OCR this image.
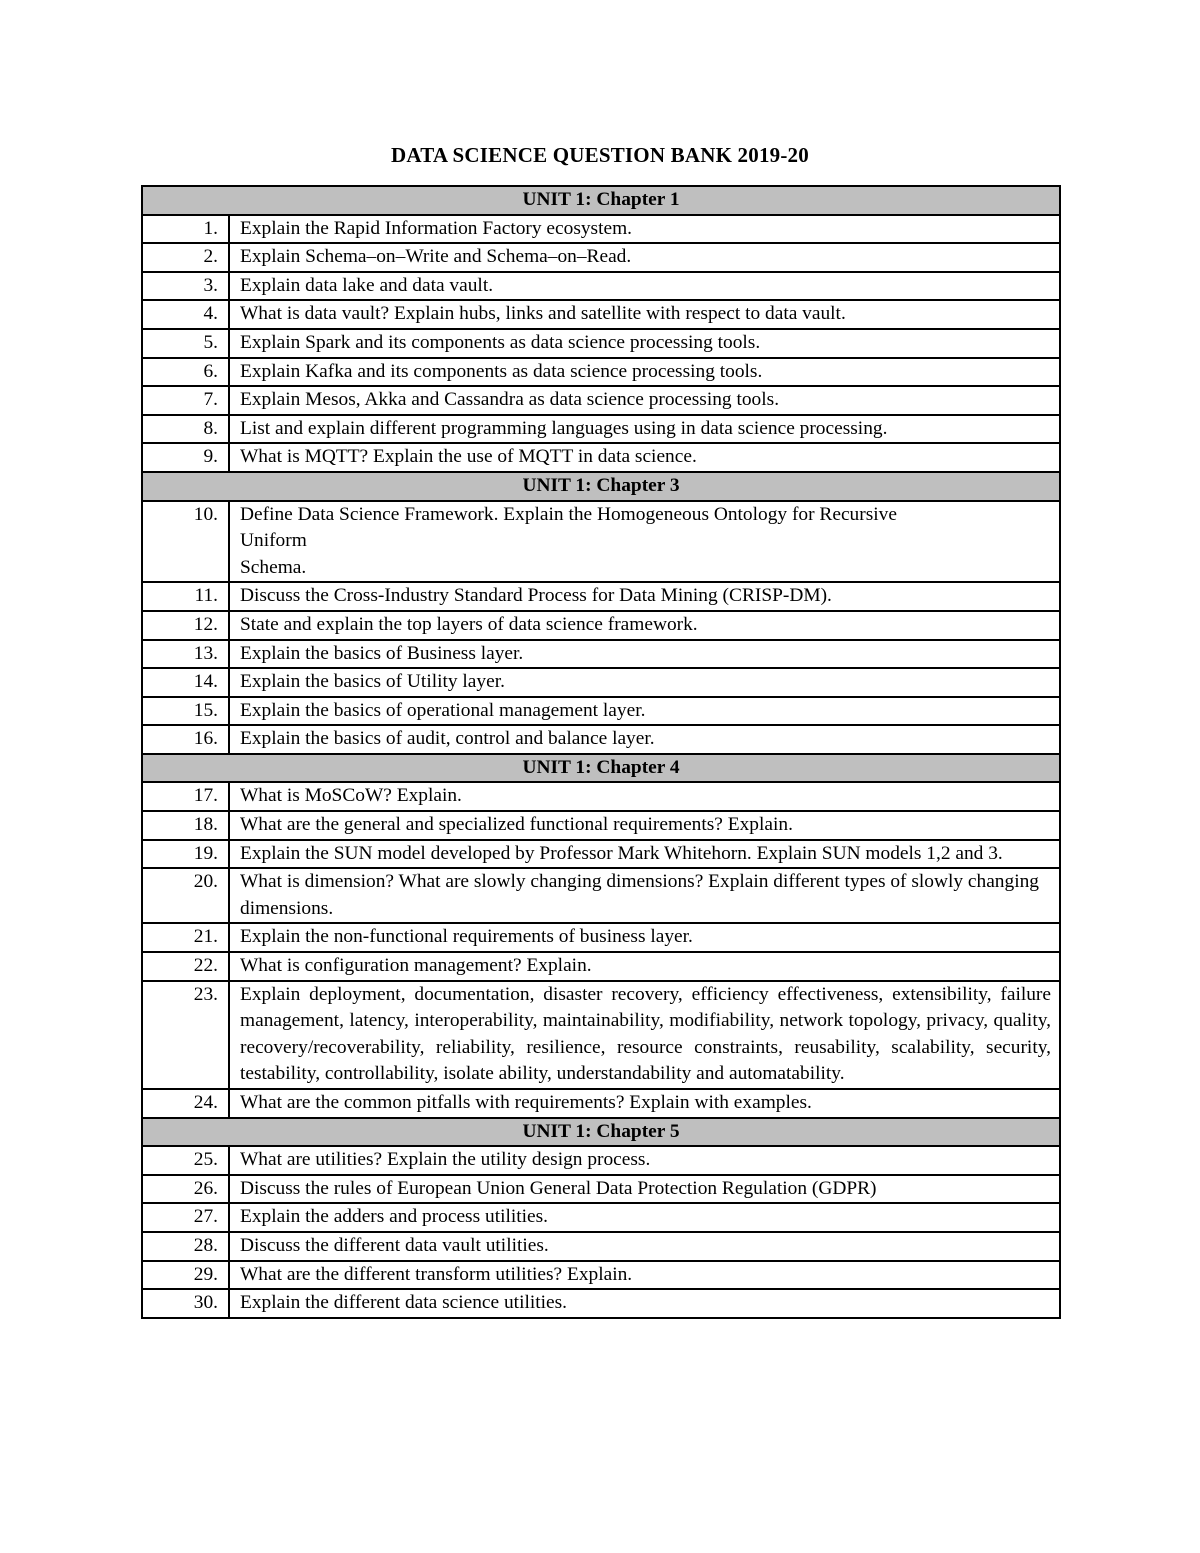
DATA SCIENCE QUESTION BANK 2019-20
UNIT 1: Chapter 1	
1.	Explain the Rapid Information Factory ecosystem.
2.	Explain Schema–on–Write and Schema–on–Read.
3.	Explain data lake and data vault.
4.	What is data vault? Explain hubs, links and satellite with respect to data vault.
5.	Explain Spark and its components as data science processing tools.
6.	Explain Kafka and its components as data science processing tools.
7.	Explain Mesos, Akka and Cassandra as data science processing tools.
8.	List and explain different programming languages using in data science processing.
9.	What is MQTT? Explain the use of MQTT in data science.
UNIT 1: Chapter 3	
10.	Define Data Science Framework. Explain the Homogeneous Ontology for Recursive
Uniform
Schema.

11.	Discuss the Cross-Industry Standard Process for Data Mining (CRISP-DM).
12.	State and explain the top layers of data science framework.
13.	Explain the basics of Business layer.
14.	Explain the basics of Utility layer.
15.	Explain the basics of operational management layer.
16.	Explain the basics of audit, control and balance layer.
UNIT 1: Chapter 4	
17.	What is MoSCoW? Explain.
18.	What are the general and specialized functional requirements? Explain.
19.	Explain the SUN model developed by Professor Mark Whitehorn. Explain SUN models 1,2 and 3.
20.	What is dimension? What are slowly changing dimensions? Explain different types of slowly changing dimensions.
21.	Explain the non-functional requirements of business layer.
22.	What is configuration management? Explain.
23.	Explain deployment, documentation, disaster recovery, efficiency effectiveness, extensibility, failure management, latency, interoperability, maintainability, modifiability, network topology, privacy, quality, recovery/recoverability, reliability, resilience, resource constraints, reusability, scalability, security, testability, controllability, isolate ability, understandability and automatability.
24.	What are the common pitfalls with requirements? Explain with examples.
UNIT 1: Chapter 5	
25.	What are utilities? Explain the utility design process.
26.	Discuss the rules of European Union General Data Protection Regulation (GDPR)
27.	Explain the adders and process utilities.
28.	Discuss the different data vault utilities.
29.	What are the different transform utilities? Explain.
30.	Explain the different data science utilities.
